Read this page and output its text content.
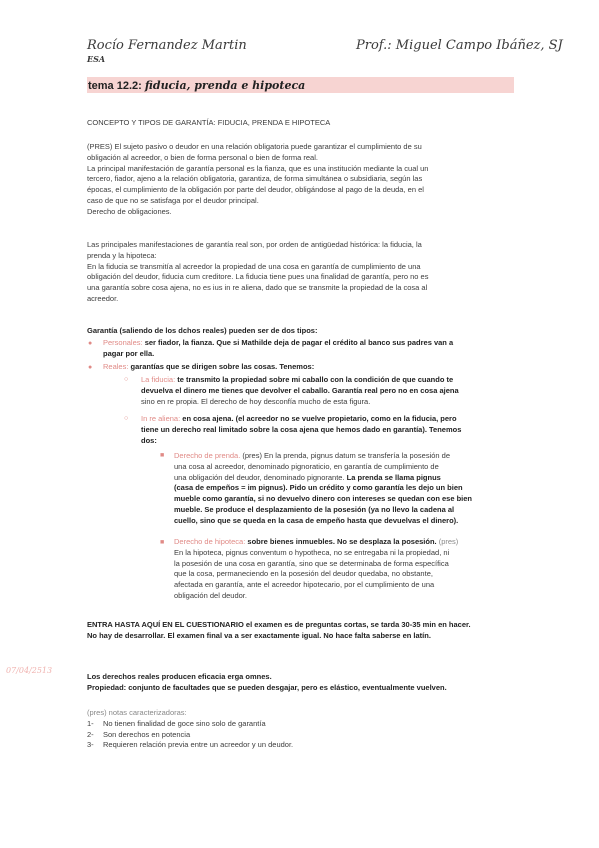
Rocío Fernandez Martin
ESA
Prof.: Miguel Campo Ibáñez, SJ
tema 12.2: fiducia, prenda e hipoteca
CONCEPTO Y TIPOS DE GARANTÍA: FIDUCIA, PRENDA E HIPOTECA

(PRES) El sujeto pasivo o deudor en una relación obligatoria puede garantizar el cumplimiento de su

obligación al acreedor, o bien de forma personal o bien de forma real.

La principal manifestación de garantía personal es la fianza, que es una institución mediante la cual un

tercero, fiador, ajeno a la relación obligatoria, garantiza, de forma simultánea o subsidiaria, según las

épocas, el cumplimiento de la obligación por parte del deudor, obligándose al pago de la deuda, en el

caso de que no se satisfaga por el deudor principal.

Derecho de obligaciones.

Las principales manifestaciones de garantía real son, por orden de antigüedad histórica: la fiducia, la

prenda y la hipoteca:

En la fiducia se transmitía al acreedor la propiedad de una cosa en garantía de cumplimiento de una

obligación del deudor, fiducia cum creditore. La fiducia tiene pues una finalidad de garantía, pero no es

una garantía sobre cosa ajena, no es ius in re aliena, dado que se transmite la propiedad de la cosa al

acreedor.

Garantía (saliendo de los dchos reales) pueden ser de dos tipos:
● Personales: ser fiador, la fianza. Que si Mathilde deja de pagar el crédito al banco sus padres van a

pagar por ella.

● Reales: garantías que se dirigen sobre las cosas. Tenemos:

○ La fiducia: te transmito la propiedad sobre mi caballo con la condición de que cuando te

devuelva el dinero me tienes que devolver el caballo. Garantía real pero no en cosa ajena

sino en re propia. El derecho de hoy desconfía mucho de esta figura.

○ In re aliena: en cosa ajena. (el acreedor no se vuelve propietario, como en la fiducia, pero

tiene un derecho real limitado sobre la cosa ajena que hemos dado en garantía). Tenemos

dos:

■ Derecho de prenda. (pres) En la prenda, pignus datum se transfería la posesión de

una cosa al acreedor, denominado pignoraticio, en garantía de cumplimiento de

una obligación del deudor, denominado pignorante. La prenda se llama pignus

(casa de empeños = im pignus). Pido un crédito y como garantía les dejo un bien

mueble como garantía, si no devuelvo dinero con intereses se quedan con ese bien

mueble. Se produce el desplazamiento de la posesión (ya no llevo la cadena al

cuello, sino que se queda en la casa de empeño hasta que devuelvas el dinero).

■ Derecho de hipoteca: sobre bienes inmuebles. No se desplaza la posesión. (pres)

En la hipoteca, pignus conventum o hypotheca, no se entregaba ni la propiedad, ni

la posesión de una cosa en garantía, sino que se determinaba de forma específica

que la cosa, permaneciendo en la posesión del deudor quedaba, no obstante,

afectada en garantía, ante el acreedor hipotecario, por el cumplimiento de una

obligación del deudor.

ENTRA HASTA AQUÍ EN EL CUESTIONARIO el examen es de preguntas cortas, se tarda 30-35 min en hacer.

No hay de desarrollar. El examen final va a ser exactamente igual. No hace falta saberse en latín.

07/04/2513

Los derechos reales producen eficacia erga omnes.

Propiedad: conjunto de facultades que se pueden desgajar, pero es elástico, eventualmente vuelven.

(pres) notas caracterizadoras:

1- No tienen finalidad de goce sino solo de garantía

2- Son derechos en potencia

3- Requieren relación previa entre un acreedor y un deudor.
